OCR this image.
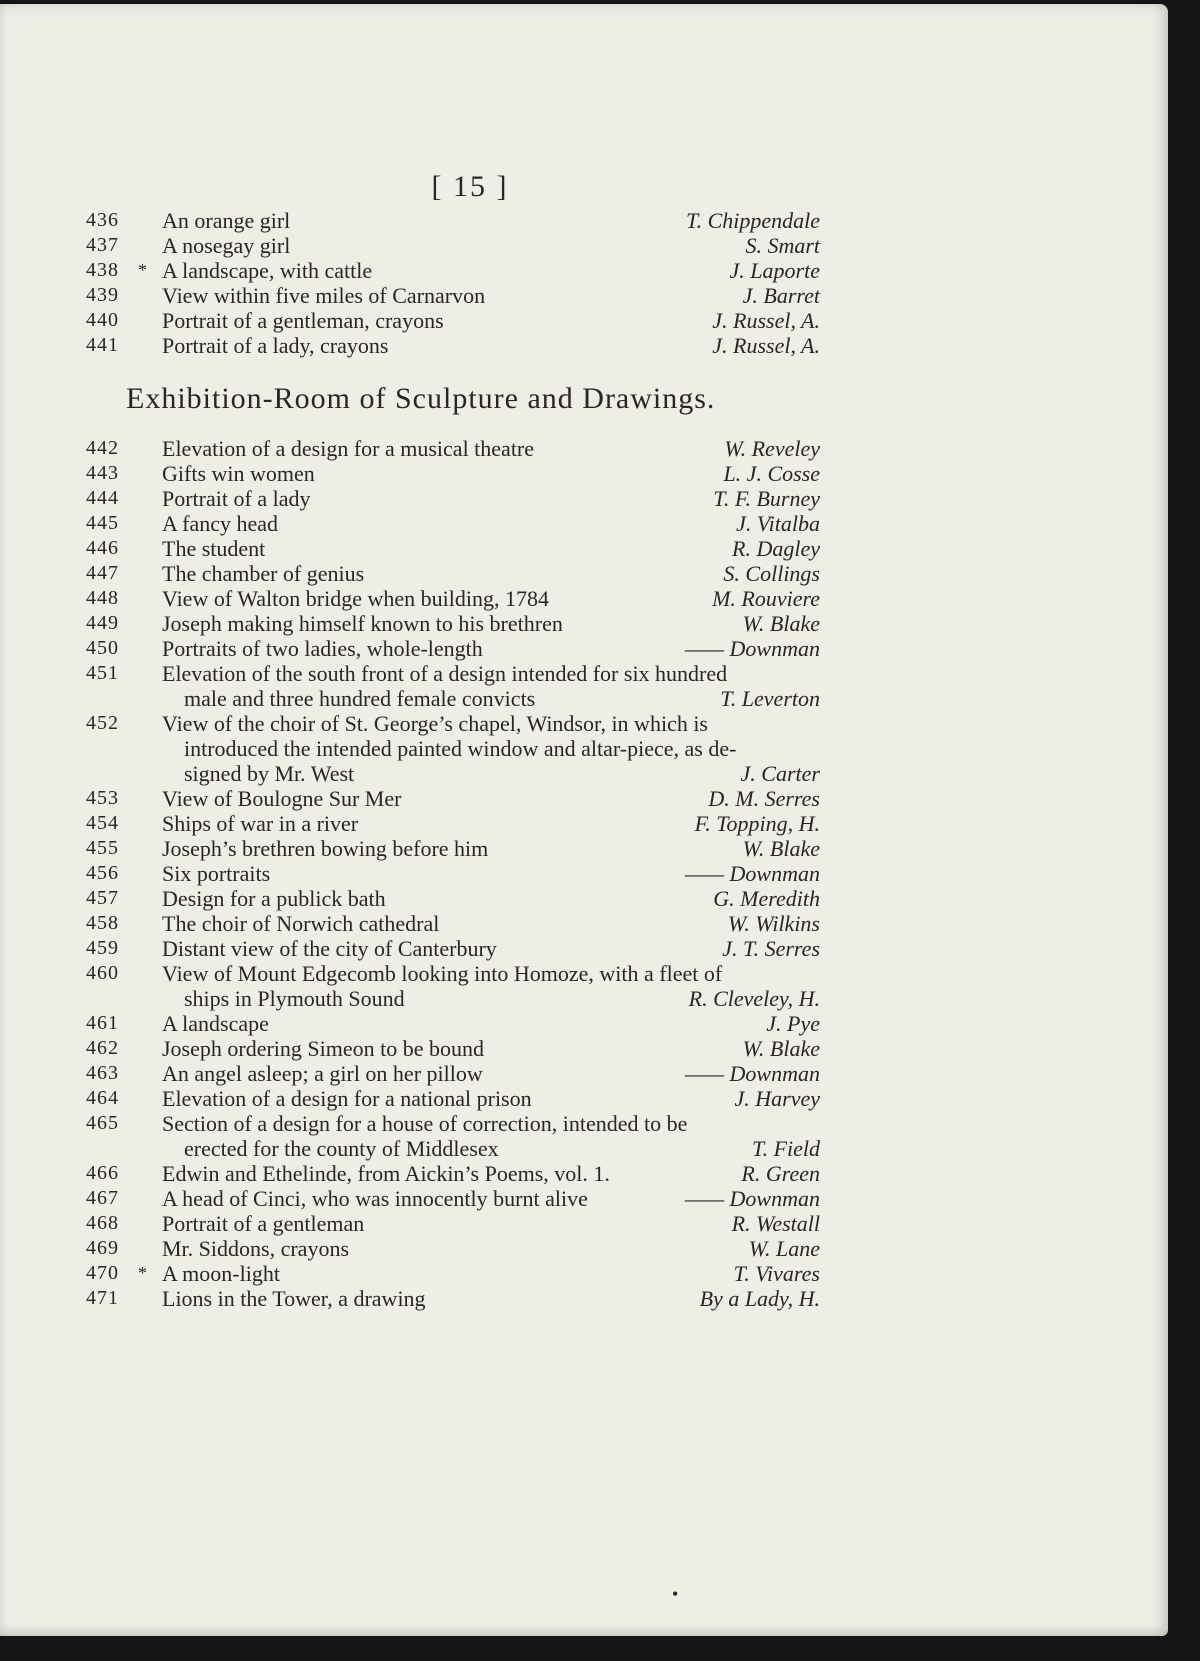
[ 15 ]
436	An orange girl	T. Chippendale
437	A nosegay girl	S. Smart
438	* A landscape, with cattle	J. Laporte
439	View within five miles of Carnarvon	J. Barret
440	Portrait of a gentleman, crayons	J. Russel, A.
441	Portrait of a lady, crayons	J. Russel, A.
Exhibition-Room of Sculpture and Drawings.
442	Elevation of a design for a musical theatre	W. Reveley
443	Gifts win women	L. J. Cosse
444	Portrait of a lady	T. F. Burney
445	A fancy head	J. Vitalba
446	The student	R. Dagley
447	The chamber of genius	S. Collings
448	View of Walton bridge when building, 1784	M. Rouviere
449	Joseph making himself known to his brethren	W. Blake
450	Portraits of two ladies, whole-length	—— Downman
451	Elevation of the south front of a design intended for six hundred
male and three hundred female convicts	T. Leverton
452	View of the choir of St. George’s chapel, Windsor, in which is
introduced the intended painted window and altar-piece, as de-
signed by Mr. West	J. Carter
453	View of Boulogne Sur Mer	D. M. Serres
454	Ships of war in a river	F. Topping, H.
455	Joseph’s brethren bowing before him	W. Blake
456	Six portraits	—— Downman
457	Design for a publick bath	G. Meredith
458	The choir of Norwich cathedral	W. Wilkins
459	Distant view of the city of Canterbury	J. T. Serres
460	View of Mount Edgecomb looking into Homoze, with a fleet of
ships in Plymouth Sound	R. Cleveley, H.
461	A landscape	J. Pye
462	Joseph ordering Simeon to be bound	W. Blake
463	An angel asleep; a girl on her pillow	—— Downman
464	Elevation of a design for a national prison	J. Harvey
465	Section of a design for a house of correction, intended to be
erected for the county of Middlesex	T. Field
466	Edwin and Ethelinde, from Aickin’s Poems, vol. 1.	R. Green
467	A head of Cinci, who was innocently burnt alive	—— Downman
468	Portrait of a gentleman	R. Westall
469	Mr. Siddons, crayons	W. Lane
470	* A moon-light	T. Vivares
471	Lions in the Tower, a drawing	By a Lady, H.
•
